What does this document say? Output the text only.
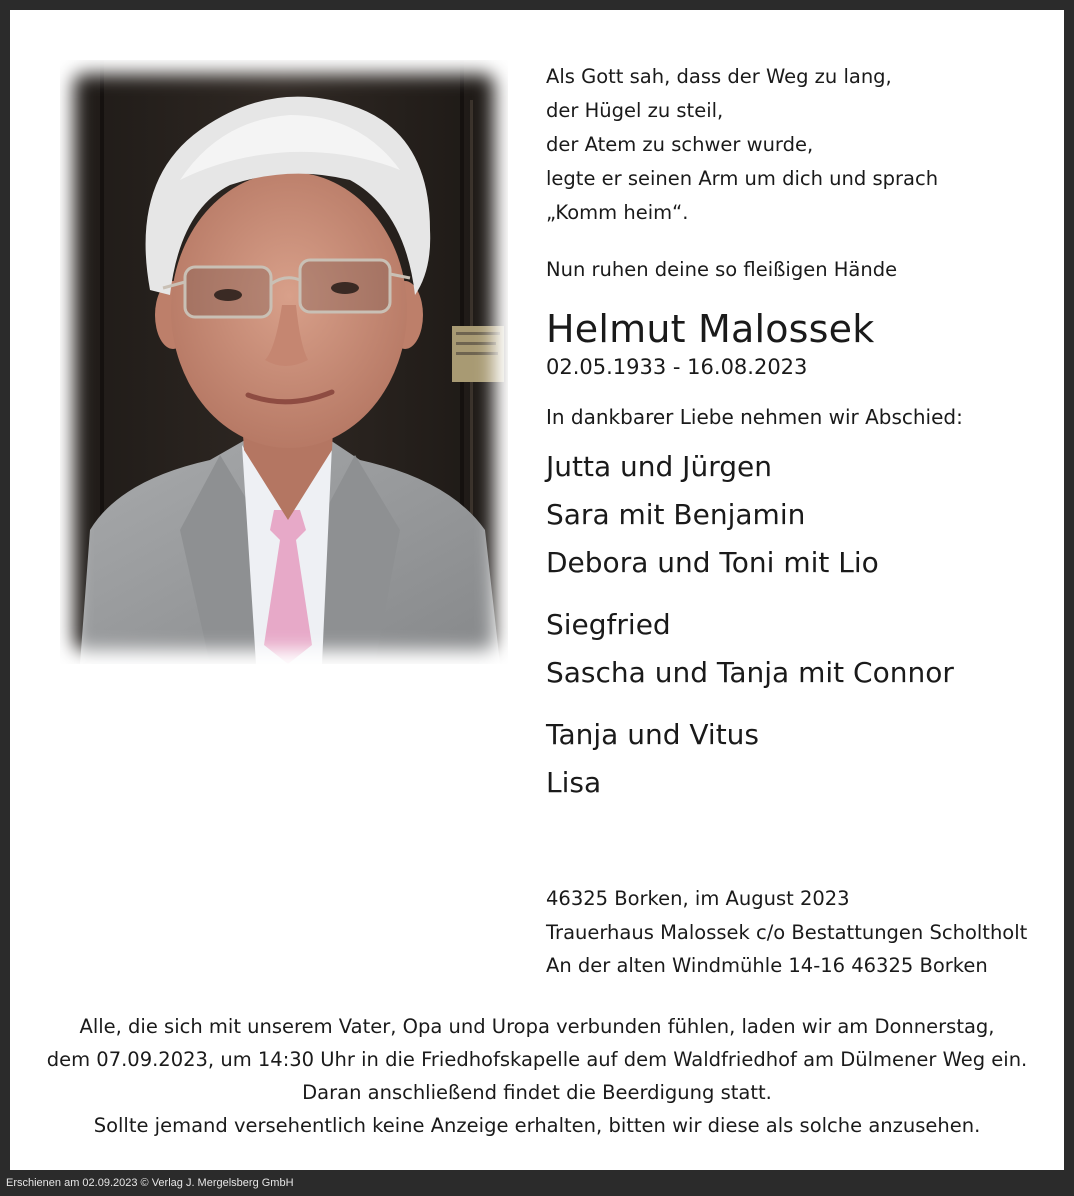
Als Gott sah, dass der Weg zu lang,
der Hügel zu steil,
der Atem zu schwer wurde,
legte er seinen Arm um dich und sprach
„Komm heim“.
Nun ruhen deine so fleißigen Hände
Helmut Malossek
02.05.1933 - 16.08.2023
In dankbarer Liebe nehmen wir Abschied:
Jutta und Jürgen
Sara mit Benjamin
Debora und Toni mit Lio
Siegfried
Sascha und Tanja mit Connor
Tanja und Vitus
Lisa
46325 Borken, im August 2023
Trauerhaus Malossek c/o Bestattungen Scholtholt
An der alten Windmühle 14-16 46325 Borken
Alle, die sich mit unserem Vater, Opa und Uropa verbunden fühlen, laden wir am Donnerstag,
dem 07.09.2023, um 14:30 Uhr in die Friedhofskapelle auf dem Waldfriedhof am Dülmener Weg ein.
Daran anschließend findet die Beerdigung statt.
Sollte jemand versehentlich keine Anzeige erhalten, bitten wir diese als solche anzusehen.
Erschienen am 02.09.2023 © Verlag J. Mergelsberg GmbH
